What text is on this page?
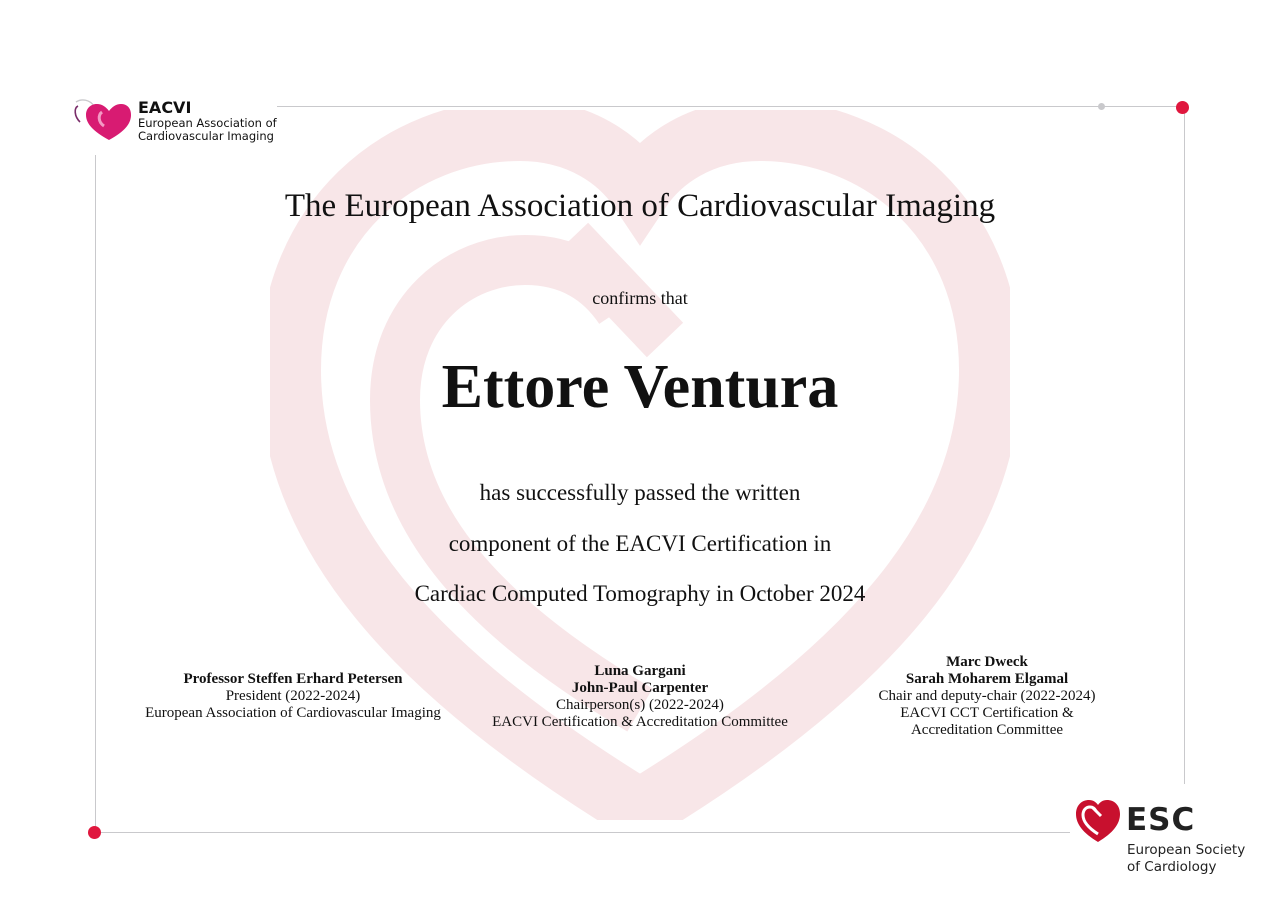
EACVI
European Association of
Cardiovascular Imaging
The European Association of Cardiovascular Imaging
confirms that
Ettore Ventura
has successfully passed the written
component of the EACVI Certification in
Cardiac Computed Tomography in October 2024
Professor Steffen Erhard Petersen
President (2022-2024)
European Association of Cardiovascular Imaging
Luna Gargani
John-Paul Carpenter
Chairperson(s) (2022-2024)
EACVI Certification & Accreditation Committee
Marc Dweck
Sarah Moharem Elgamal
Chair and deputy-chair (2022-2024)
EACVI CCT Certification &
Accreditation Committee
ESC
European Society
of Cardiology
